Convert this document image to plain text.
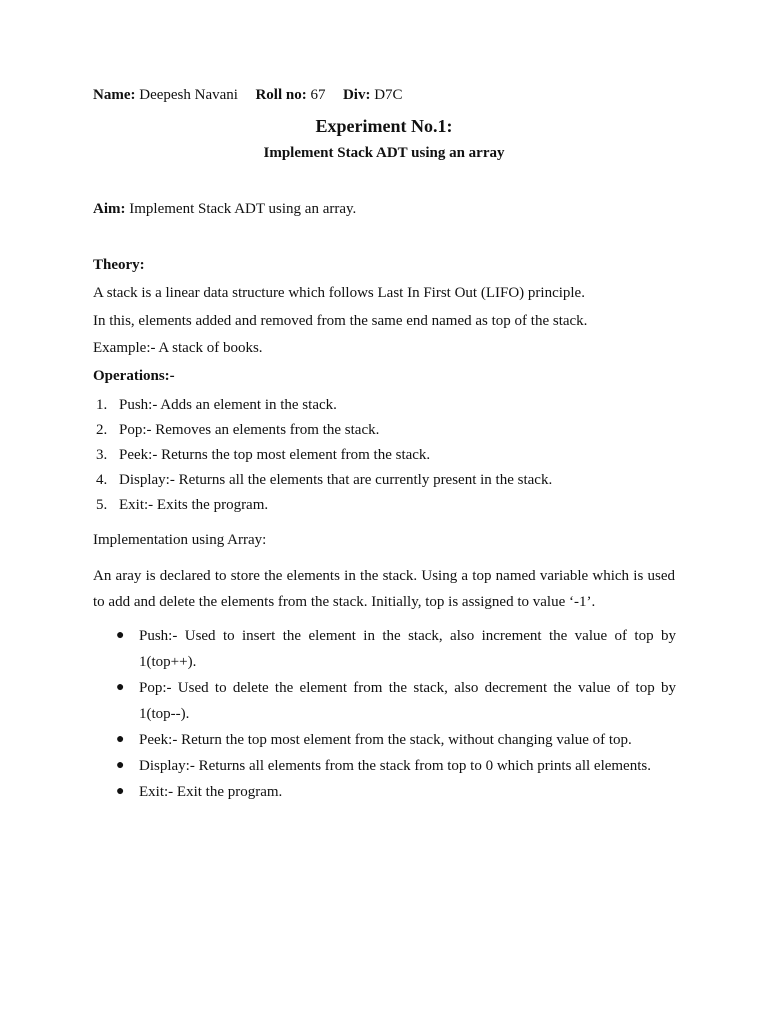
Name: Deepesh Navani Roll no: 67 Div: D7C
Experiment No.1:
Implement Stack ADT using an array
Aim: Implement Stack ADT using an array.
Theory:
A stack is a linear data structure which follows Last In First Out (LIFO) principle.
In this, elements added and removed from the same end named as top of the stack.
Example:- A stack of books.
Operations:-
1. Push:- Adds an element in the stack.
2. Pop:- Removes an elements from the stack.
3. Peek:- Returns the top most element from the stack.
4. Display:- Returns all the elements that are currently present in the stack.
5. Exit:- Exits the program.
Implementation using Array:
An aray is declared to store the elements in the stack. Using a top named variable which is used to add and delete the elements from the stack. Initially, top is assigned to value ‘-1’.
● Push:- Used to insert the element in the stack, also increment the value of top by 1(top++).
● Pop:- Used to delete the element from the stack, also decrement the value of top by 1(top--).
● Peek:- Return the top most element from the stack, without changing value of top.
● Display:- Returns all elements from the stack from top to 0 which prints all elements.
● Exit:- Exit the program.
